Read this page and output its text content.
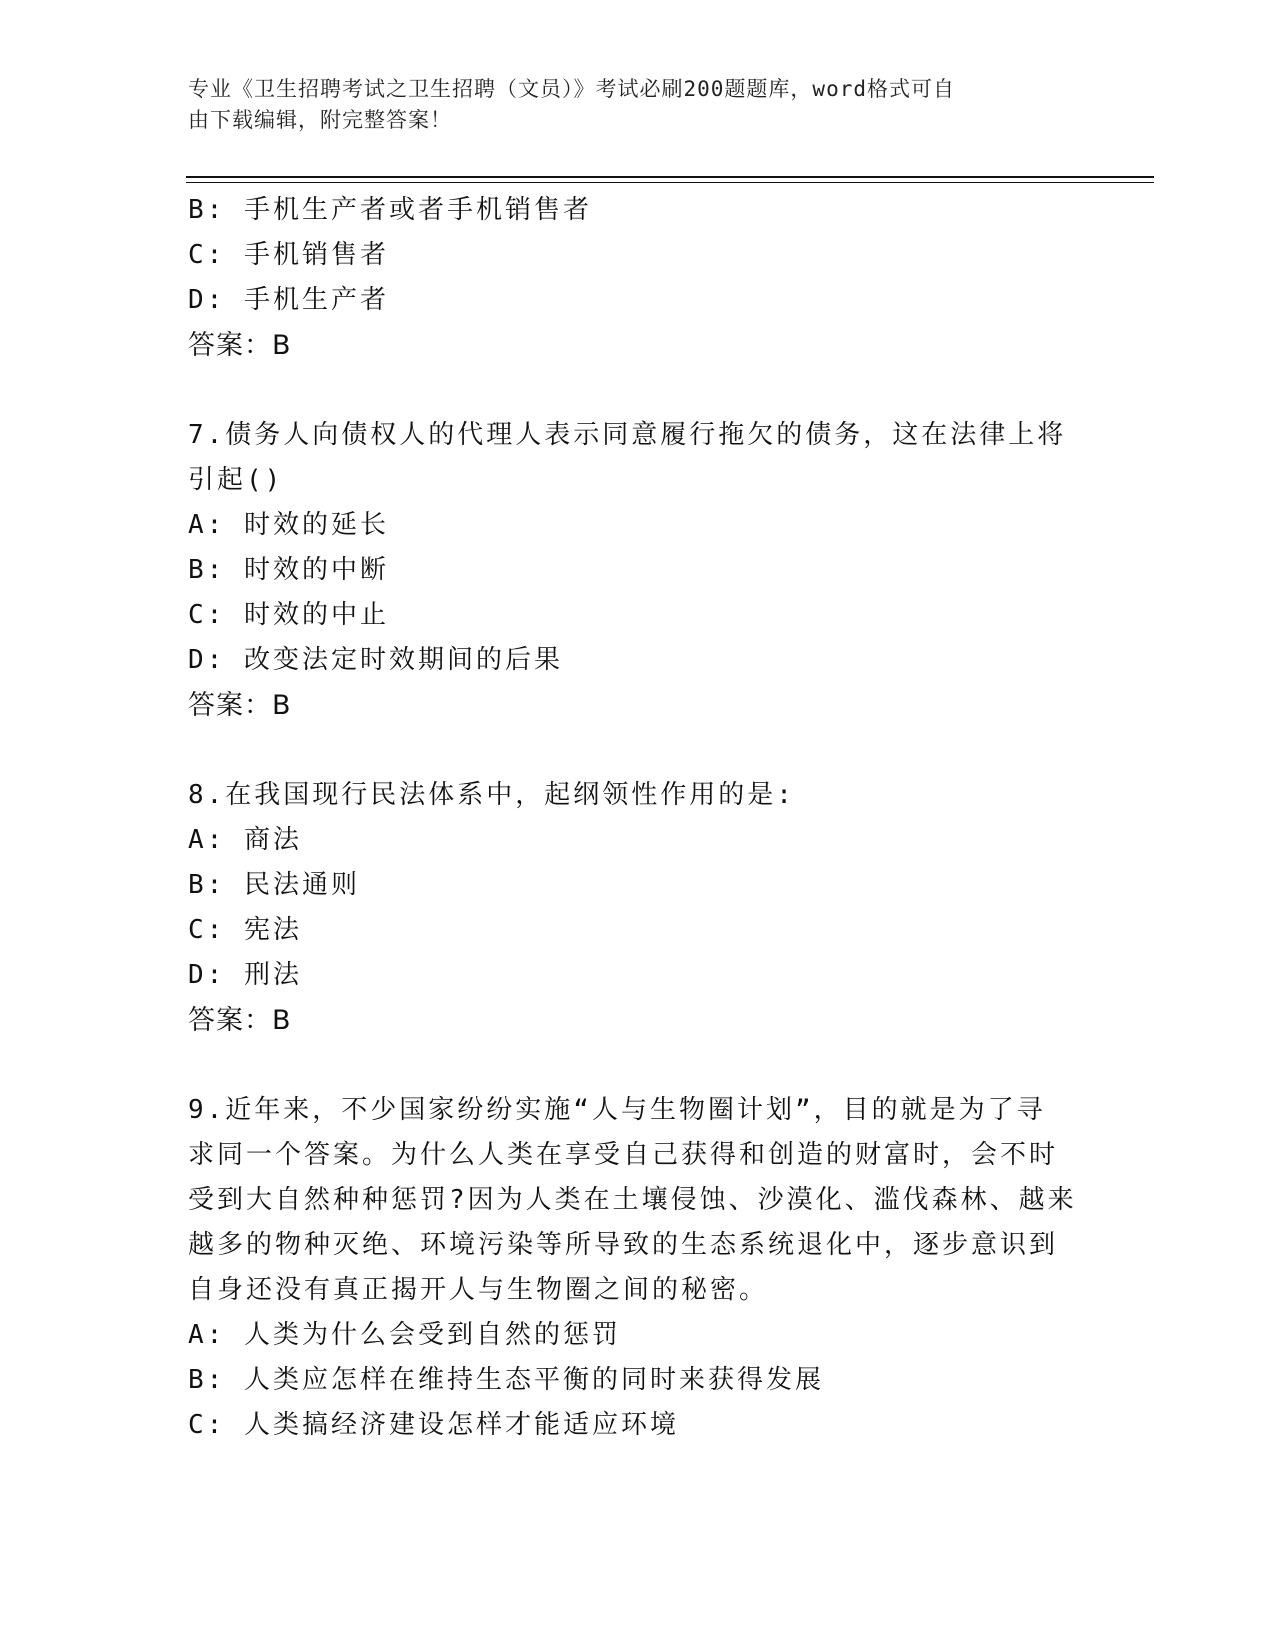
专业《卫生招聘考试之卫生招聘（文员）》考试必刷200题题库，word格式可自
由下载编辑，附完整答案！
B: 手机生产者或者手机销售者
C: 手机销售者
D: 手机生产者
答案：B
7.债务人向债权人的代理人表示同意履行拖欠的债务，这在法律上将
引起()
A: 时效的延长
B: 时效的中断
C: 时效的中止
D: 改变法定时效期间的后果
答案：B
8.在我国现行民法体系中，起纲领性作用的是:
A: 商法
B: 民法通则
C: 宪法
D: 刑法
答案：B
9.近年来，不少国家纷纷实施“人与生物圈计划”，目的就是为了寻
求同一个答案。为什么人类在享受自己获得和创造的财富时，会不时
受到大自然种种惩罚?因为人类在土壤侵蚀、沙漠化、滥伐森林、越来
越多的物种灭绝、环境污染等所导致的生态系统退化中，逐步意识到
自身还没有真正揭开人与生物圈之间的秘密。
A: 人类为什么会受到自然的惩罚
B: 人类应怎样在维持生态平衡的同时来获得发展
C: 人类搞经济建设怎样才能适应环境
